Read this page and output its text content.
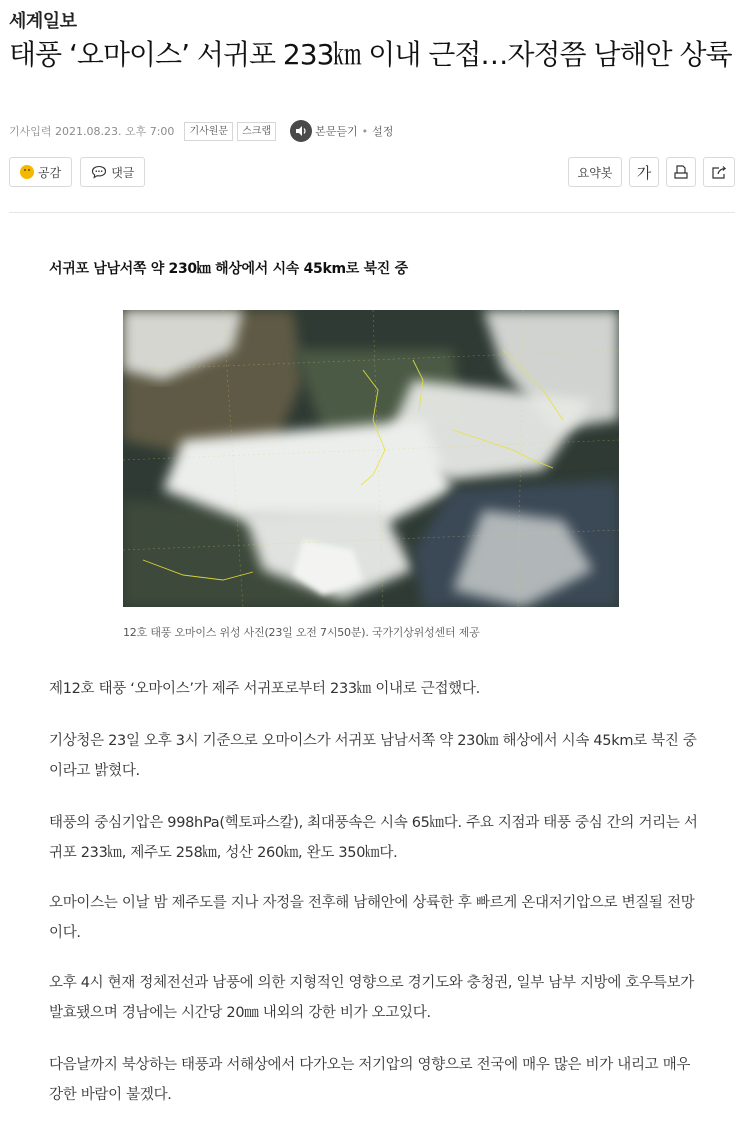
세계일보
태풍 ‘오마이스’ 서귀포 233㎞ 이내 근접…자정쯤 남해안 상륙
기사입력 2021.08.23. 오후 7:00	기사원문	스크랩	본문듣기 • 설정
공감	댓글	요약봇	가
서귀포 남남서쪽 약 230㎞ 해상에서 시속 45km로 북진 중
12호 태풍 오마이스 위성 사진(23일 오전 7시50분). 국가기상위성센터 제공

제12호 태풍 ‘오마이스’가 제주 서귀포로부터 233㎞ 이내로 근접했다.

기상청은 23일 오후 3시 기준으로 오마이스가 서귀포 남남서쪽 약 230㎞ 해상에서 시속 45km로 북진 중이라고 밝혔다.

태풍의 중심기압은 998hPa(헥토파스칼), 최대풍속은 시속 65㎞다. 주요 지점과 태풍 중심 간의 거리는 서귀포 233㎞, 제주도 258㎞, 성산 260㎞, 완도 350㎞다.

오마이스는 이날 밤 제주도를 지나 자정을 전후해 남해안에 상륙한 후 빠르게 온대저기압으로 변질될 전망이다.

오후 4시 현재 정체전선과 남풍에 의한 지형적인 영향으로 경기도와 충청권, 일부 남부 지방에 호우특보가 발효됐으며 경남에는 시간당 20㎜ 내외의 강한 비가 오고있다.

다음날까지 북상하는 태풍과 서해상에서 다가오는 저기압의 영향으로 전국에 매우 많은 비가 내리고 매우 강한 바람이 불겠다.
